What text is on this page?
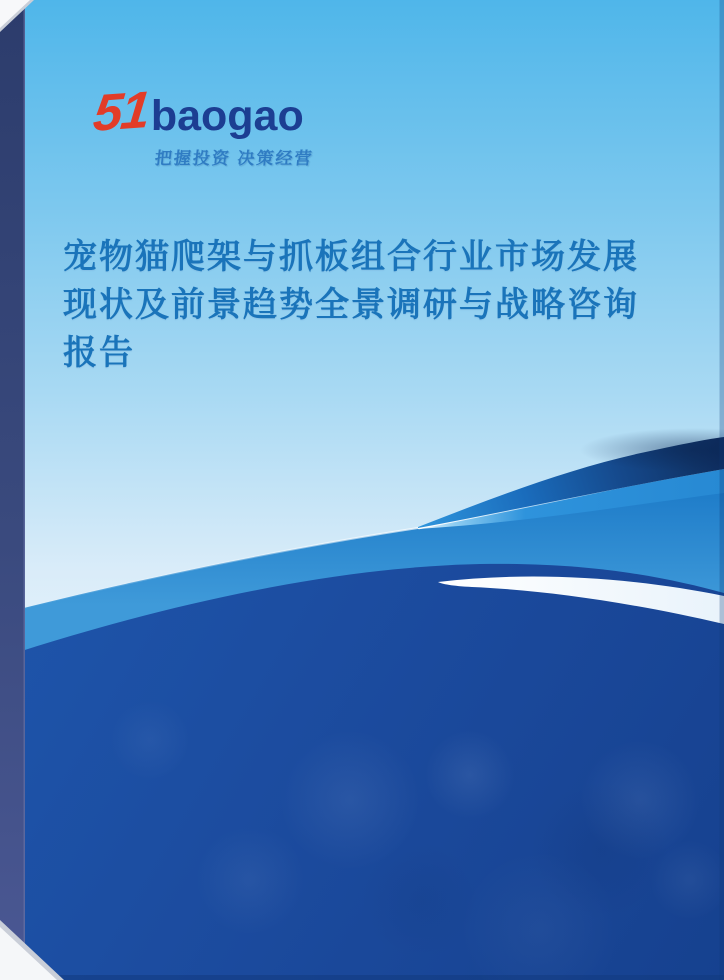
51 baogao
把握投资 决策经营
宠物猫爬架与抓板组合行业市场发展
现状及前景趋势全景调研与战略咨询
报告
